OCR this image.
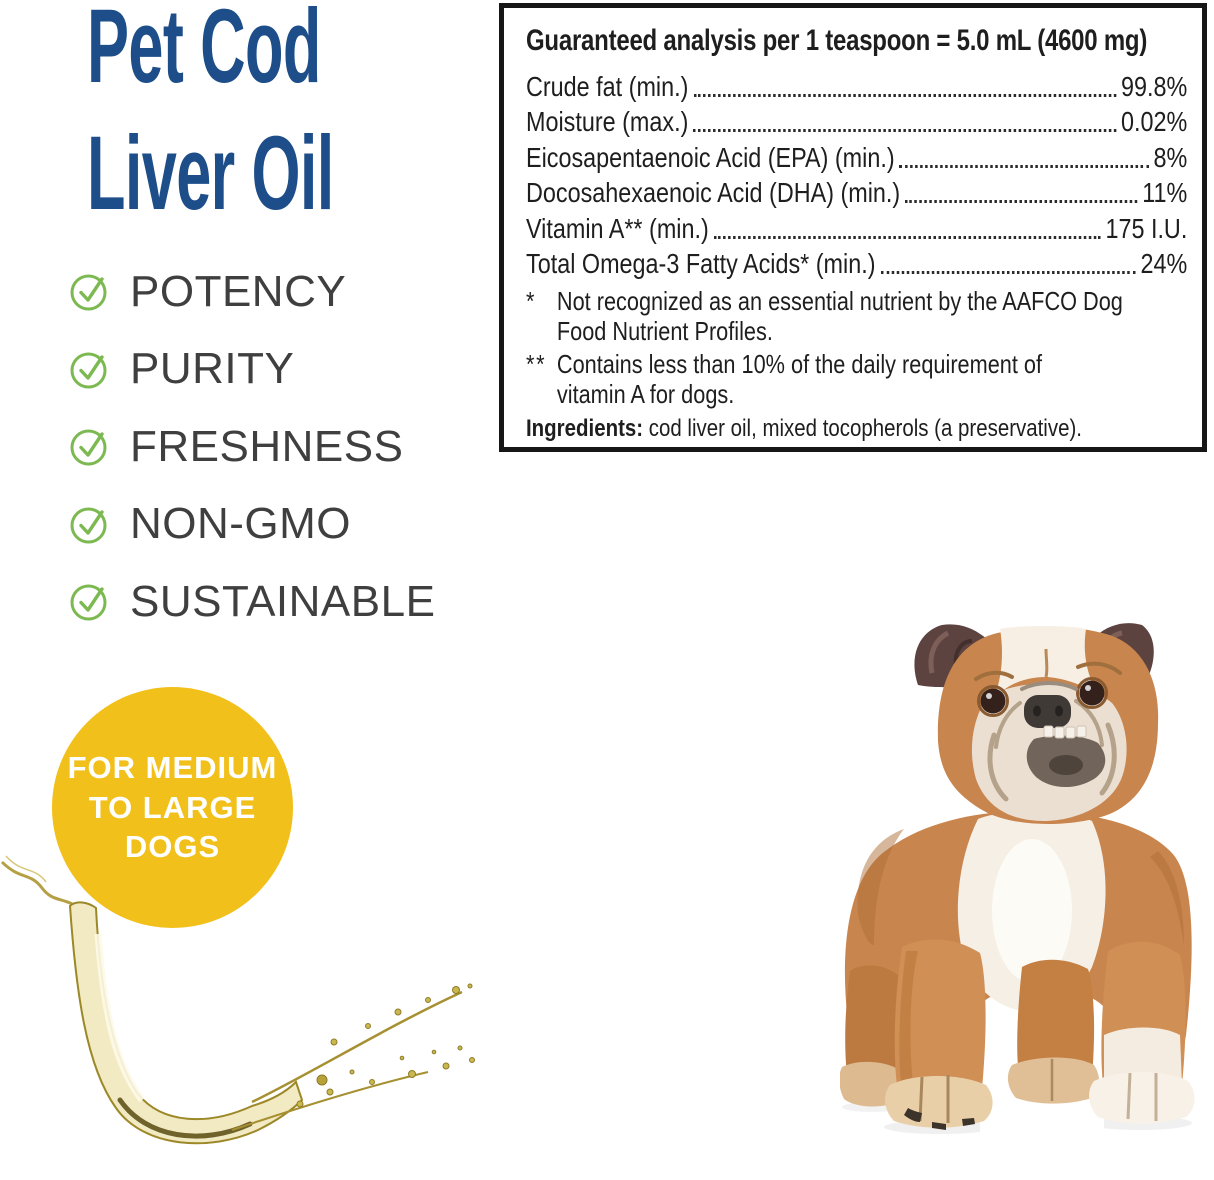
Pet Cod
Liver Oil
POTENCY
PURITY
FRESHNESS
NON-GMO
SUSTAINABLE
FOR MEDIUM
TO LARGE
DOGS
Guaranteed analysis per 1 teaspoon = 5.0 mL (4600 mg)
Crude fat (min.)	99.8%
Moisture (max.)	0.02%
Eicosapentaenoic Acid (EPA) (min.)	8%
Docosahexaenoic Acid (DHA) (min.)	11%
Vitamin A** (min.)	175 I.U.
Total Omega-3 Fatty Acids* (min.)	24%
* Not recognized as an essential nutrient by the AAFCO Dog
Food Nutrient Profiles.
** Contains less than 10% of the daily requirement of
vitamin A for dogs.
Ingredients: cod liver oil, mixed tocopherols (a preservative).
